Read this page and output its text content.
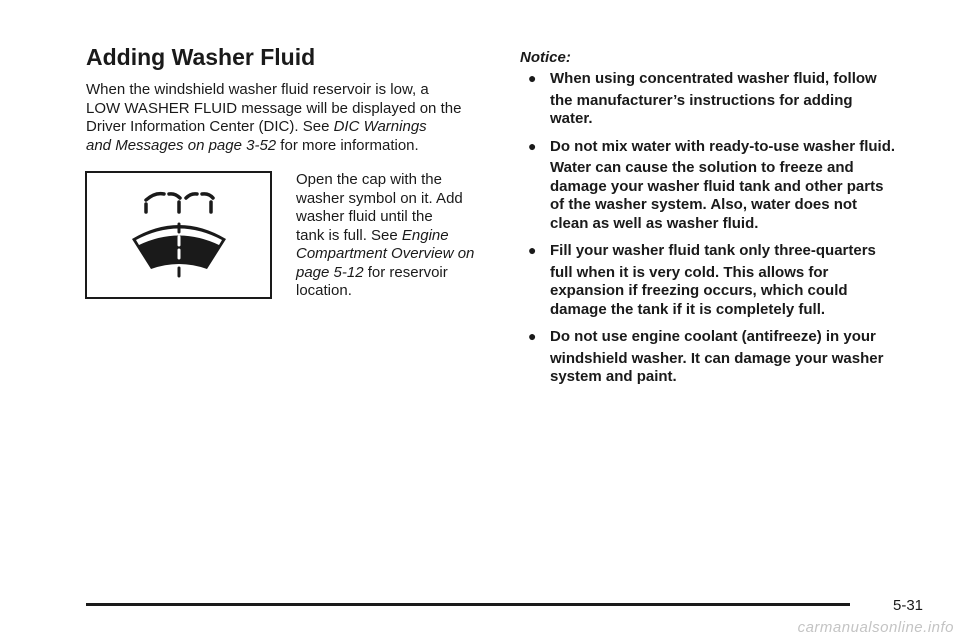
Adding Washer Fluid
When the windshield washer fluid reservoir is low, a
LOW WASHER FLUID message will be displayed on the
Driver Information Center (DIC). See DIC Warnings
and Messages on page 3-52 for more information.
Open the cap with the
washer symbol on it. Add
washer fluid until the
tank is full. See Engine
Compartment Overview on
page 5-12 for reservoir
location.
Notice:
● When using concentrated washer fluid, follow
the manufacturer’s instructions for adding
water.
● Do not mix water with ready-to-use washer fluid.
Water can cause the solution to freeze and
damage your washer fluid tank and other parts
of the washer system. Also, water does not
clean as well as washer fluid.
● Fill your washer fluid tank only three-quarters
full when it is very cold. This allows for
expansion if freezing occurs, which could
damage the tank if it is completely full.
● Do not use engine coolant (antifreeze) in your
windshield washer. It can damage your washer
system and paint.
5-31
carmanualsonline.info
